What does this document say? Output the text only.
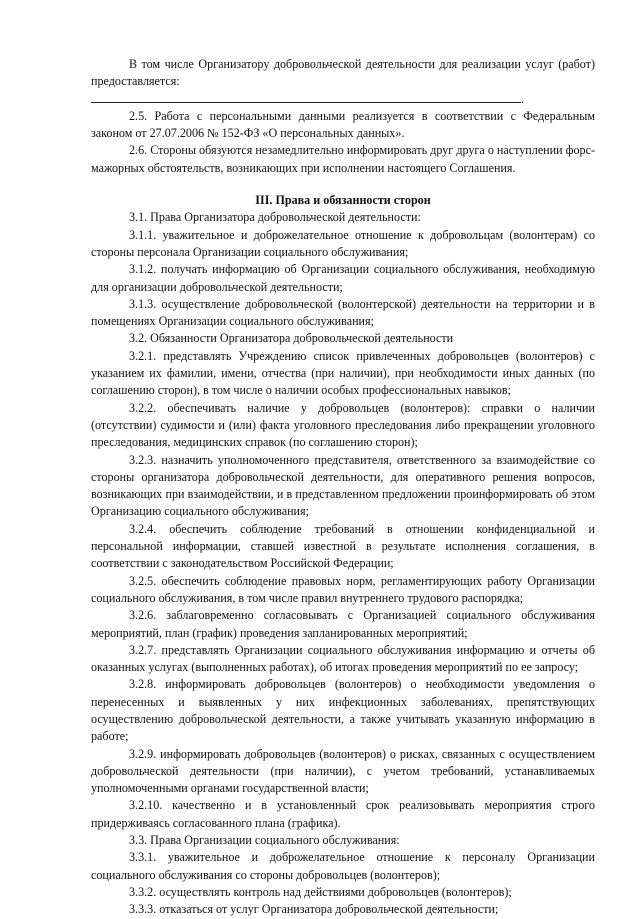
В том числе Организатору добровольческой деятельности для реализации услуг (работ) предоставляется:.

2.5. Работа с персональными данными реализуется в соответствии с Федеральным законом от 27.07.2006 № 152-ФЗ «О персональных данных».

2.6. Стороны обязуются незамедлительно информировать друг друга о наступлении форс-мажорных обстоятельств, возникающих при исполнении настоящего Соглашения.

III. Права и обязанности сторон

3.1. Права Организатора добровольческой деятельности:

3.1.1. уважительное и доброжелательное отношение к добровольцам (волонтерам) со стороны персонала Организации социального обслуживания;

3.1.2. получать информацию об Организации социального обслуживания, необходимую для организации добровольческой деятельности;

3.1.3. осуществление добровольческой (волонтерской) деятельности на территории и в помещениях Организации социального обслуживания;

3.2. Обязанности Организатора добровольческой деятельности

3.2.1. представлять Учреждению список привлеченных добровольцев (волонтеров) с указанием их фамилии, имени, отчества (при наличии), при необходимости иных данных (по соглашению сторон), в том числе о наличии особых профессиональных навыков;

3.2.2. обеспечивать наличие у добровольцев (волонтеров): справки о наличии (отсутствии) судимости и (или) факта уголовного преследования либо прекращении уголовного преследования, медицинских справок (по соглашению сторон);

3.2.3. назначить уполномоченного представителя, ответственного за взаимодействие со стороны организатора добровольческой деятельности, для оперативного решения вопросов, возникающих при взаимодействии, и в представленном предложении проинформировать об этом Организацию социального обслуживания;

3.2.4. обеспечить соблюдение требований в отношении конфиденциальной и персональной информации, ставшей известной в результате исполнения соглашения, в соответствии с законодательством Российской Федерации;

3.2.5. обеспечить соблюдение правовых норм, регламентирующих работу Организации социального обслуживания, в том числе правил внутреннего трудового распорядка;

3.2.6. заблаговременно согласовывать с Организацией социального обслуживания мероприятий, план (график) проведения запланированных мероприятий;

3.2.7. представлять Организации социального обслуживания информацию и отчеты об оказанных услугах (выполненных работах), об итогах проведения мероприятий по ее запросу;

3.2.8. информировать добровольцев (волонтеров) о необходимости уведомления о перенесенных и выявленных у них инфекционных заболеваниях, препятствующих осуществлению добровольческой деятельности, а также учитывать указанную информацию в работе;

3.2.9. информировать добровольцев (волонтеров) о рисках, связанных с осуществлением добровольческой деятельности (при наличии), с учетом требований, устанавливаемых уполномоченными органами государственной власти;

3.2.10. качественно и в установленный срок реализовывать мероприятия строго придерживаясь согласованного плана (графика).

3.3. Права Организации социального обслуживания:

3.3.1. уважительное и доброжелательное отношение к персоналу Организации социального обслуживания со стороны добровольцев (волонтеров);

3.3.2. осуществлять контроль над действиями добровольцев (волонтеров);

3.3.3. отказаться от услуг Организатора добровольческой деятельности;
